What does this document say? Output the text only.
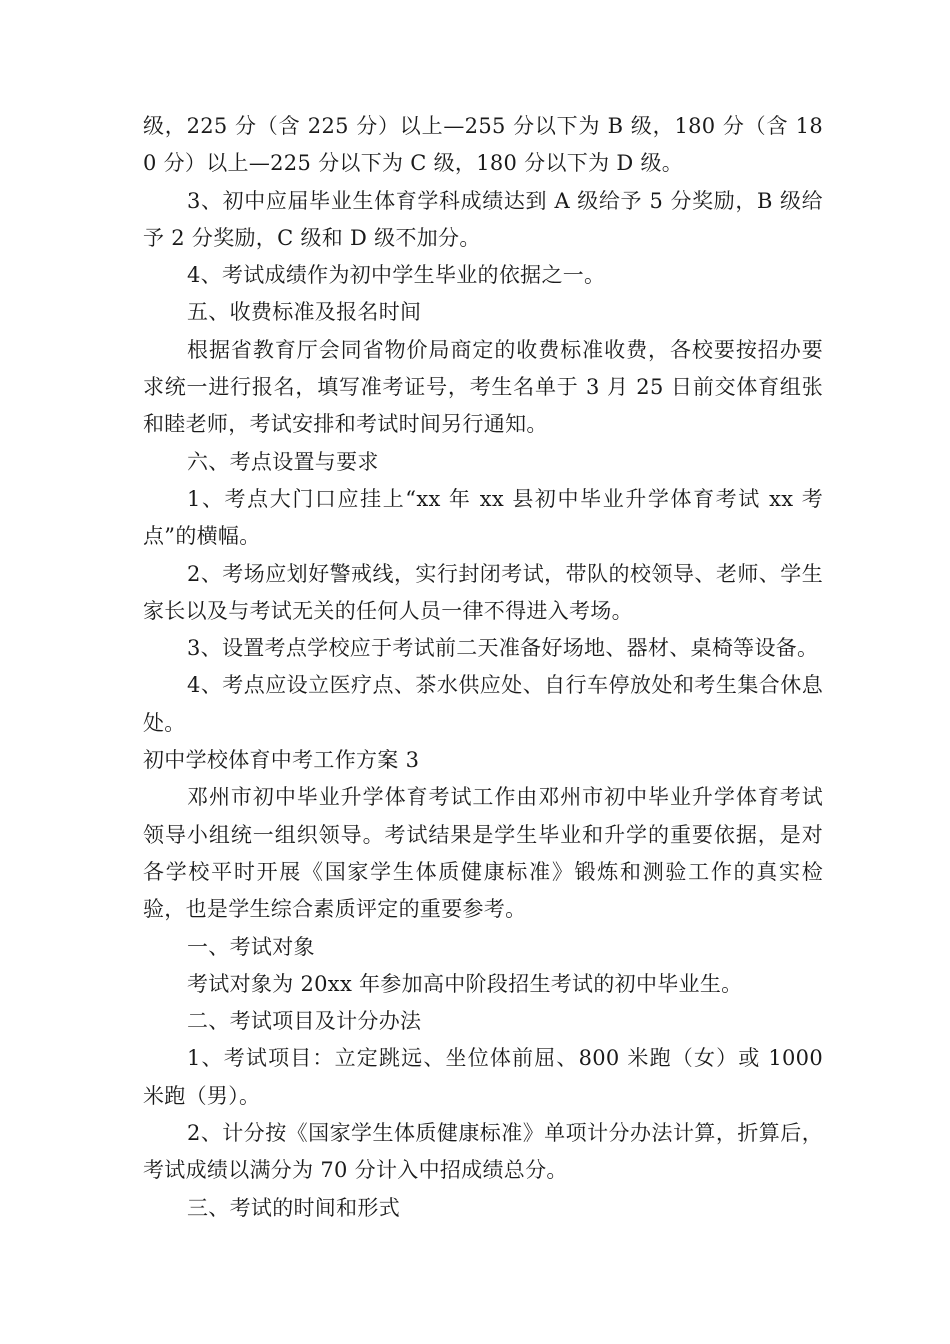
级，225 分（含 225 分）以上—255 分以下为 B 级，180 分（含 180 分）以上—225 分以下为 C 级，180 分以下为 D 级。

3、初中应届毕业生体育学科成绩达到 A 级给予 5 分奖励，B 级给予 2 分奖励，C 级和 D 级不加分。

4、考试成绩作为初中学生毕业的依据之一。

五、收费标准及报名时间

根据省教育厅会同省物价局商定的收费标准收费，各校要按招办要求统一进行报名，填写准考证号，考生名单于 3 月 25 日前交体育组张和睦老师，考试安排和考试时间另行通知。

六、考点设置与要求

1、考点大门口应挂上“xx 年 xx 县初中毕业升学体育考试 xx 考点”的横幅。

2、考场应划好警戒线，实行封闭考试，带队的校领导、老师、学生家长以及与考试无关的任何人员一律不得进入考场。

3、设置考点学校应于考试前二天准备好场地、器材、桌椅等设备。

4、考点应设立医疗点、茶水供应处、自行车停放处和考生集合休息处。

初中学校体育中考工作方案 3

邓州市初中毕业升学体育考试工作由邓州市初中毕业升学体育考试领导小组统一组织领导。考试结果是学生毕业和升学的重要依据，是对各学校平时开展《国家学生体质健康标准》锻炼和测验工作的真实检验，也是学生综合素质评定的重要参考。

一、考试对象

考试对象为 20xx 年参加高中阶段招生考试的初中毕业生。

二、考试项目及计分办法

1、考试项目：立定跳远、坐位体前屈、800 米跑（女）或 1000 米跑（男）。

2、计分按《国家学生体质健康标准》单项计分办法计算，折算后，考试成绩以满分为 70 分计入中招成绩总分。

三、考试的时间和形式
